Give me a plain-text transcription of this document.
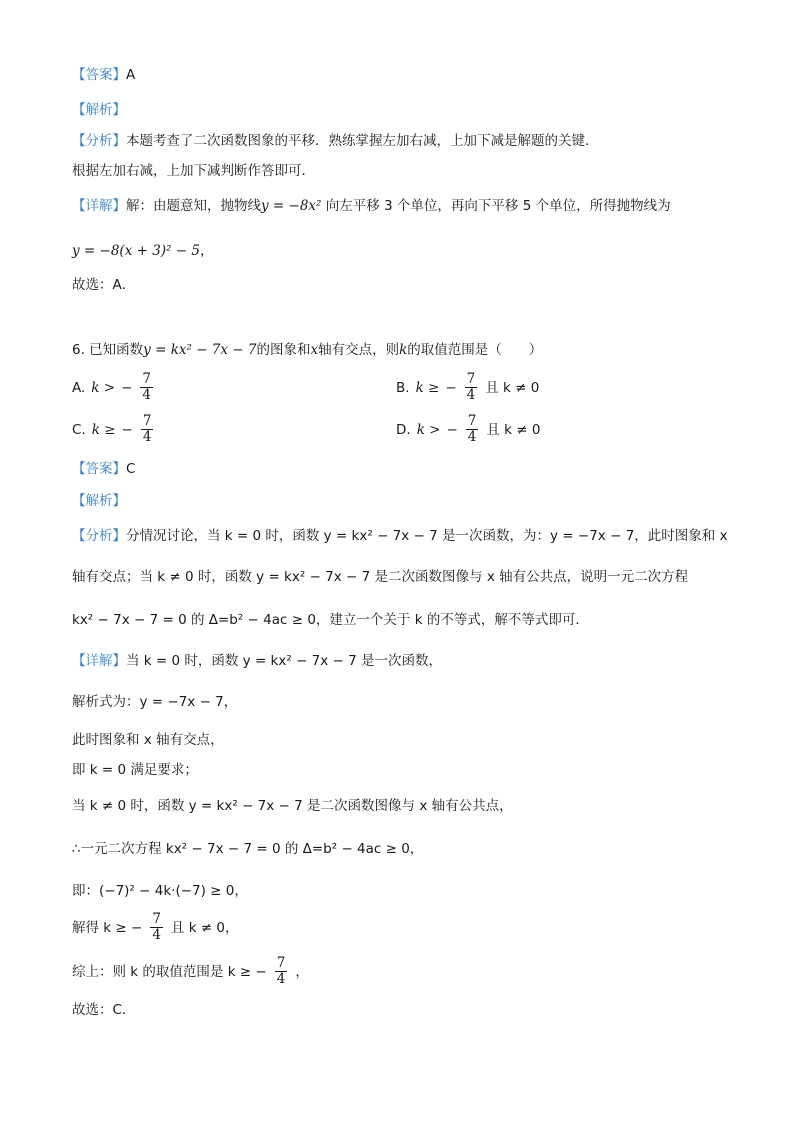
【答案】A
【解析】
【分析】本题考查了二次函数图象的平移．熟练掌握左加右减，上加下减是解题的关键．
根据左加右减，上加下减判断作答即可．
【详解】解：由题意知，抛物线y = −8x² 向左平移 3 个单位，再向下平移 5 个单位，所得抛物线为
y = −8(x + 3)² − 5，
故选：A．
6. 已知函数y = kx² − 7x − 7的图象和x轴有交点，则k的取值范围是（　　）
A. k > − $\frac{7}{4}$	B. k ≥ − $\frac{7}{4}$ 且 k ≠ 0
C. k ≥ − $\frac{7}{4}$	D. k > − $\frac{7}{4}$ 且 k ≠ 0
【答案】C
【解析】
【分析】分情况讨论，当 k = 0 时，函数 y = kx² − 7x − 7 是一次函数，为：y = −7x − 7，此时图象和 x
轴有交点；当 k ≠ 0 时，函数 y = kx² − 7x − 7 是二次函数图像与 x 轴有公共点，说明一元二次方程
kx² − 7x − 7 = 0 的 Δ=b² − 4ac ≥ 0，建立一个关于 k 的不等式，解不等式即可．
【详解】当 k = 0 时，函数 y = kx² − 7x − 7 是一次函数，
解析式为：y = −7x − 7，
此时图象和 x 轴有交点，
即 k = 0 满足要求；
当 k ≠ 0 时，函数 y = kx² − 7x − 7 是二次函数图像与 x 轴有公共点，
∴一元二次方程 kx² − 7x − 7 = 0 的 Δ=b² − 4ac ≥ 0，
即：(−7)² − 4k·(−7) ≥ 0，
解得 k ≥ − $\frac{7}{4}$ 且 k ≠ 0，
综上：则 k 的取值范围是 k ≥ − $\frac{7}{4}$ ，
故选：C．
